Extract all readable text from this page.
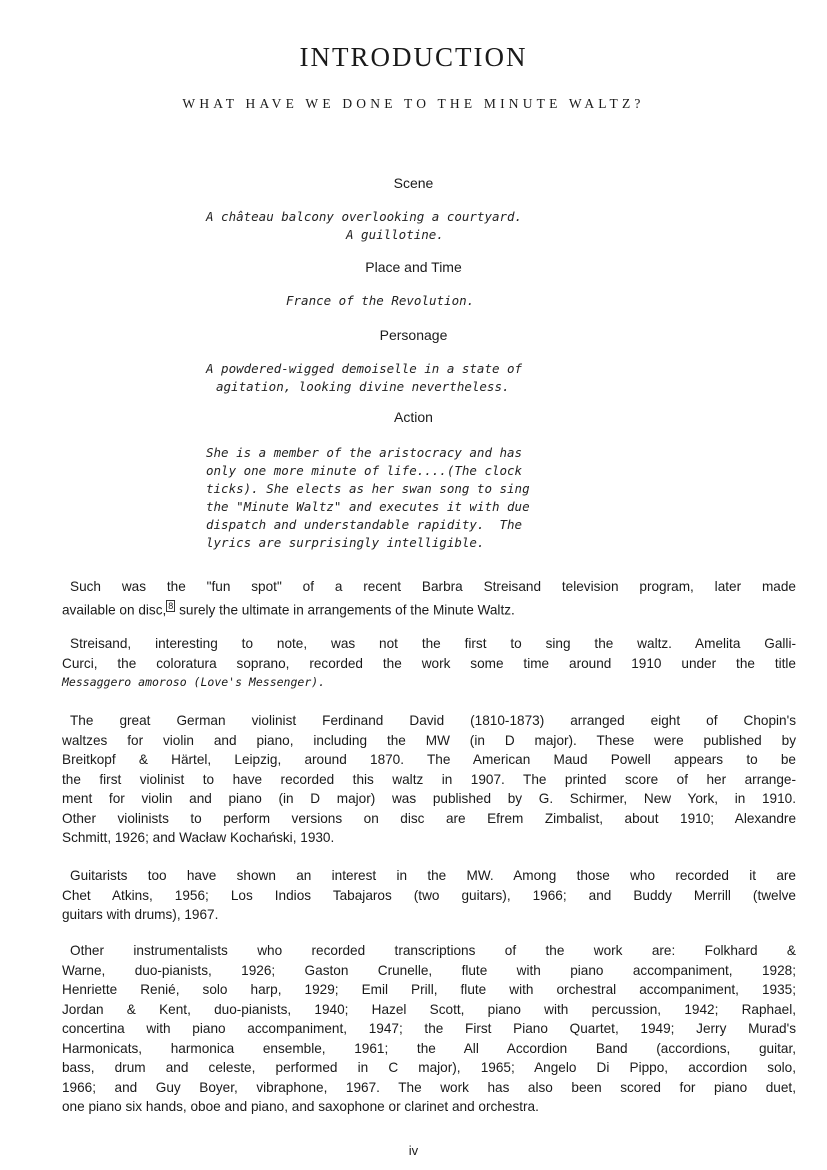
INTRODUCTION
WHAT HAVE WE DONE TO THE MINUTE WALTZ?
Scene
A château balcony overlooking a courtyard.
A guillotine.
Place and Time
France of the Revolution.
Personage
A powdered-wigged demoiselle in a state of
agitation, looking divine nevertheless.
Action
She is a member of the aristocracy and has
only one more minute of life....(The clock
ticks). She elects as her swan song to sing
the "Minute Waltz" and executes it with due
dispatch and understandable rapidity.  The
lyrics are surprisingly intelligible.
Such was the "fun spot" of a recent Barbra Streisand television program, later made
available on disc, $^8$ surely the ultimate in arrangements of the Minute Waltz.
Streisand, interesting to note, was not the first to sing the waltz. Amelita Galli-
Curci, the coloratura soprano, recorded the work some time around 1910 under the title
Messaggero amoroso (Love's Messenger).
The great German violinist Ferdinand David (1810-1873) arranged eight of Chopin's
waltzes for violin and piano, including the MW (in D major). These were published by
Breitkopf & Härtel, Leipzig, around 1870. The American Maud Powell appears to be
the first violinist to have recorded this waltz in 1907. The printed score of her arrange-
ment for violin and piano (in D major) was published by G. Schirmer, New York, in 1910.
Other violinists to perform versions on disc are Efrem Zimbalist, about 1910; Alexandre
Schmitt, 1926; and Wacław Kochański, 1930.
Guitarists too have shown an interest in the MW. Among those who recorded it are
Chet Atkins, 1956; Los Indios Tabajaros (two guitars), 1966; and Buddy Merrill (twelve
guitars with drums), 1967.
Other instrumentalists who recorded transcriptions of the work are: Folkhard &
Warne, duo-pianists, 1926; Gaston Crunelle, flute with piano accompaniment, 1928;
Henriette Renié, solo harp, 1929; Emil Prill, flute with orchestral accompaniment, 1935;
Jordan & Kent, duo-pianists, 1940; Hazel Scott, piano with percussion, 1942; Raphael,
concertina with piano accompaniment, 1947; the First Piano Quartet, 1949; Jerry Murad's
Harmonicats, harmonica ensemble, 1961; the All Accordion Band (accordions, guitar,
bass, drum and celeste, performed in C major), 1965; Angelo Di Pippo, accordion solo,
1966; and Guy Boyer, vibraphone, 1967. The work has also been scored for piano duet,
one piano six hands, oboe and piano, and saxophone or clarinet and orchestra.
iv
